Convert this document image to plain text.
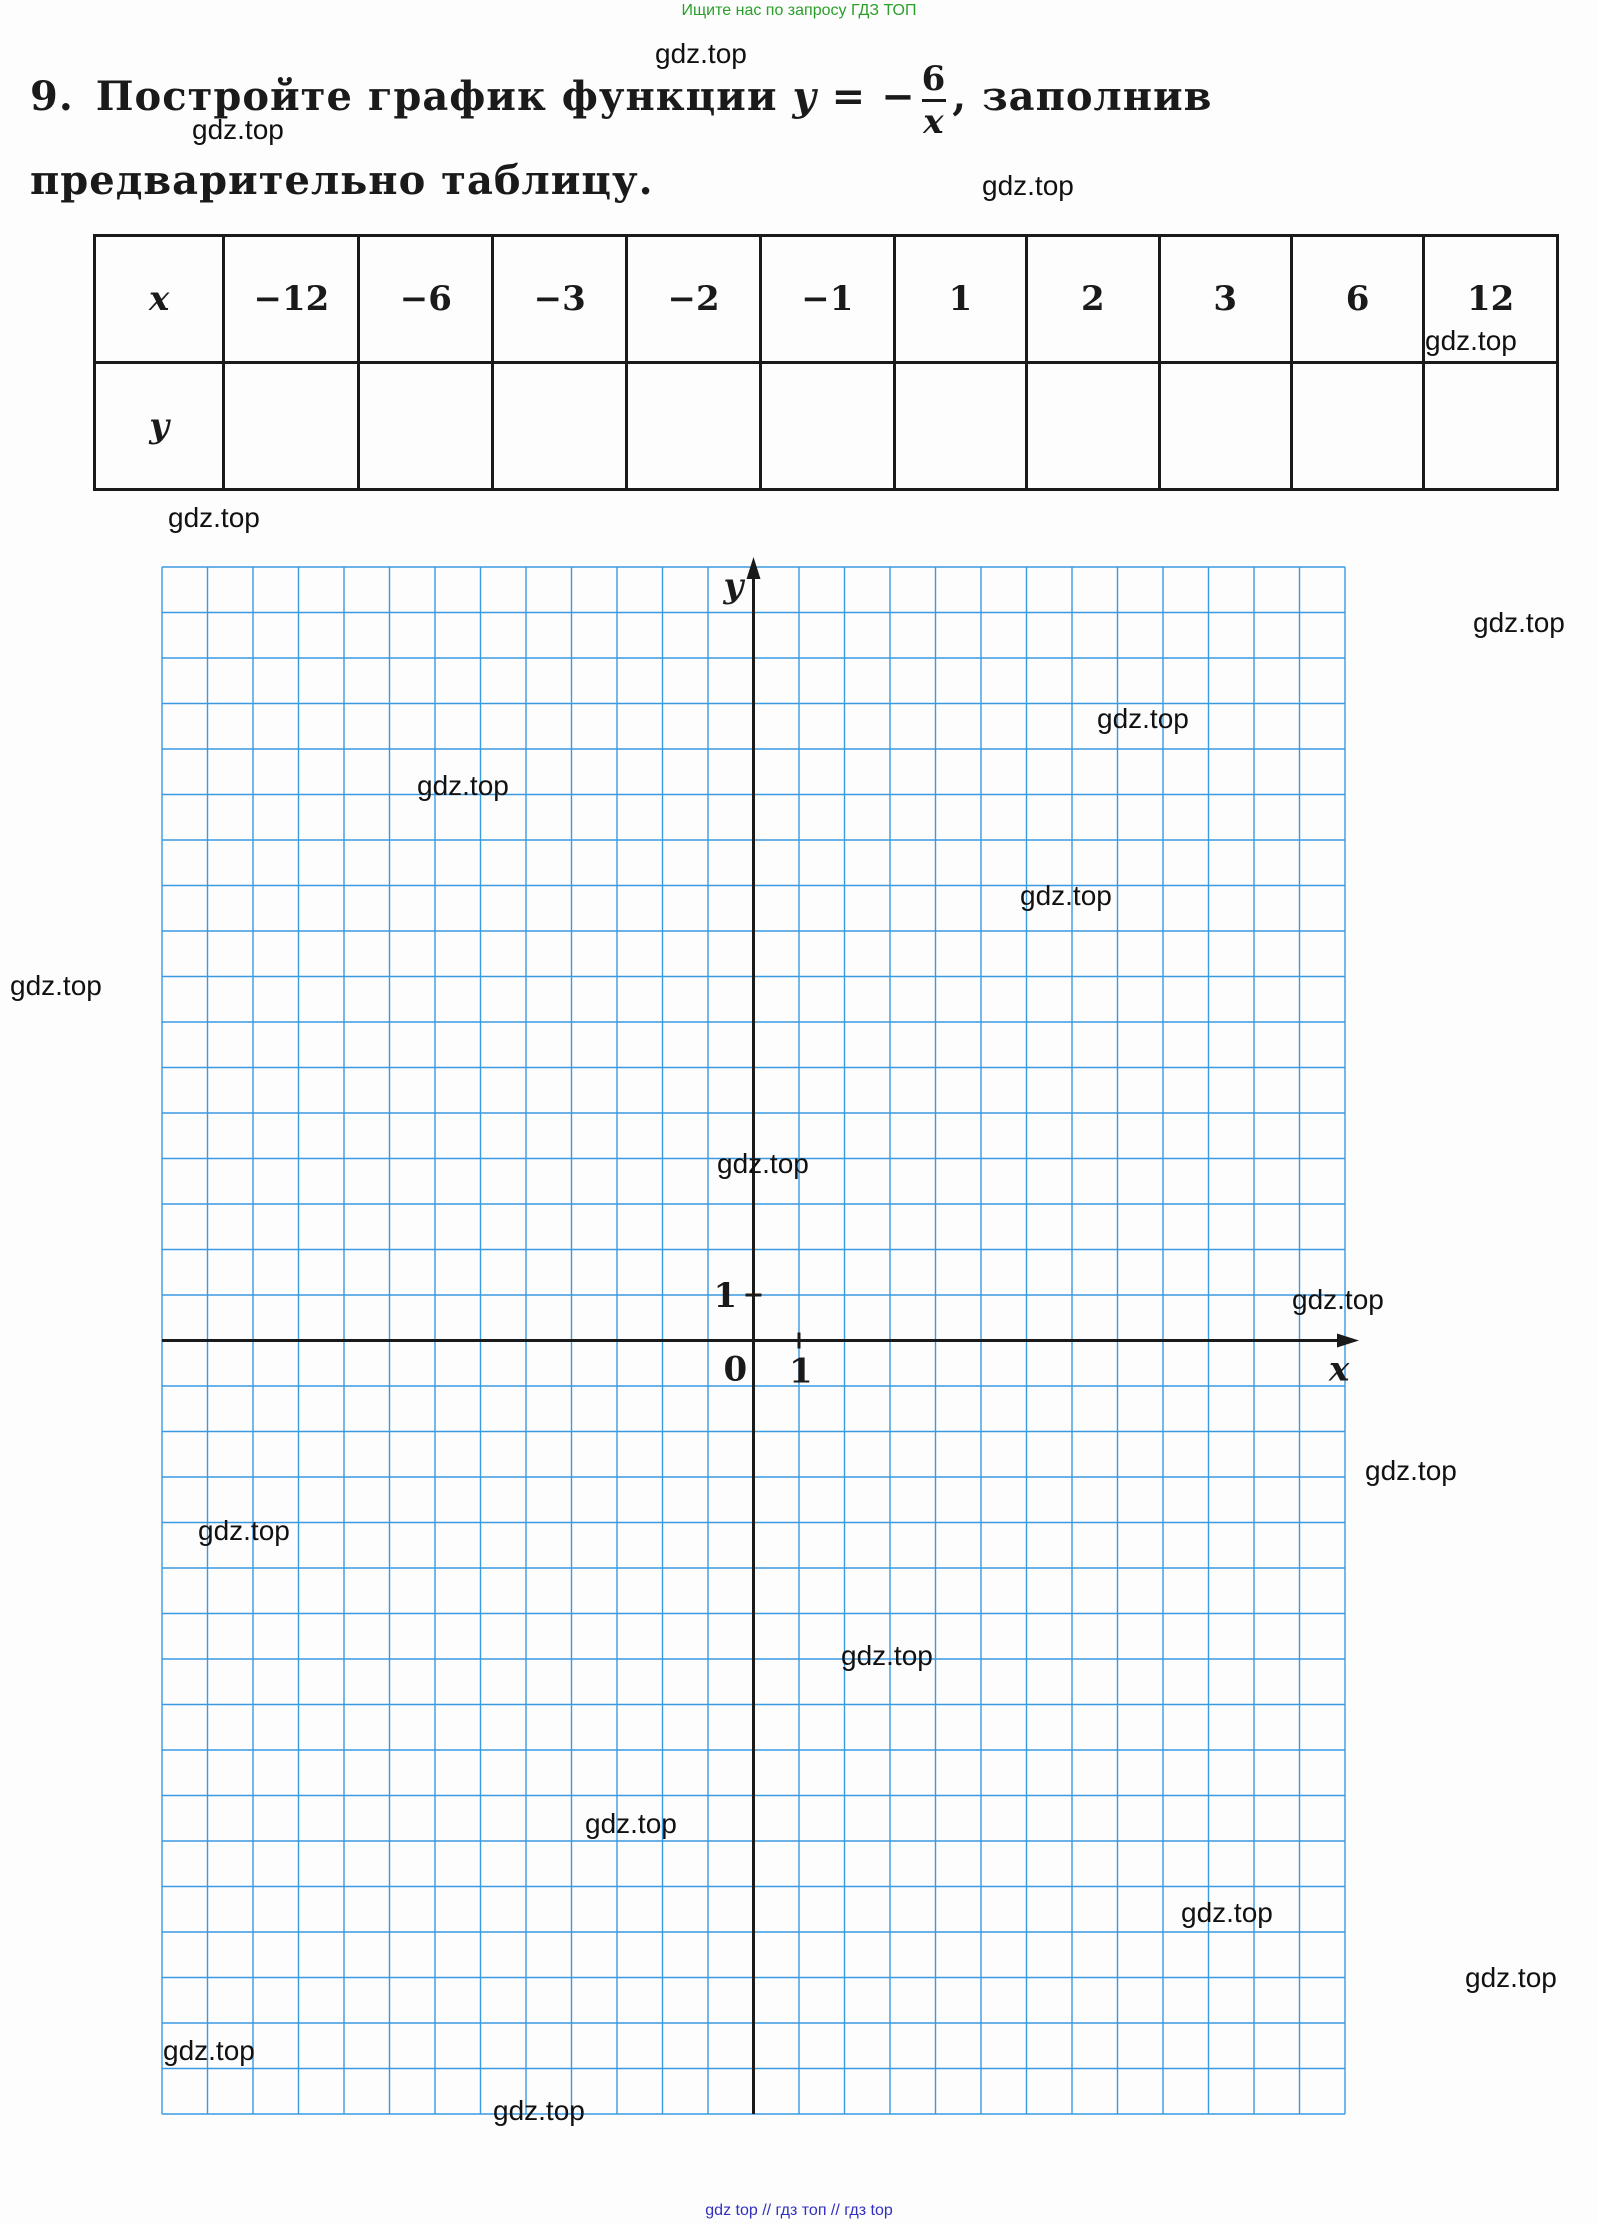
Ищите нас по запросу ГДЗ ТОП
9. Постройте график функции y = − $\frac{6}{x}$ , заполнив предварительно таблицу.
x	−12	−6	−3	−2	−1	1	2	3	6	12
y										
y
x
0 1
1
gdz.top
gdz.top
gdz.top
gdz.top
gdz.top
gdz.top
gdz.top
gdz.top
gdz.top
gdz.top
gdz.top
gdz.top
gdz.top
gdz.top
gdz.top
gdz.top
gdz.top
gdz.top
gdz.top
gdz.top
gdz top // гдз топ // гдз top
